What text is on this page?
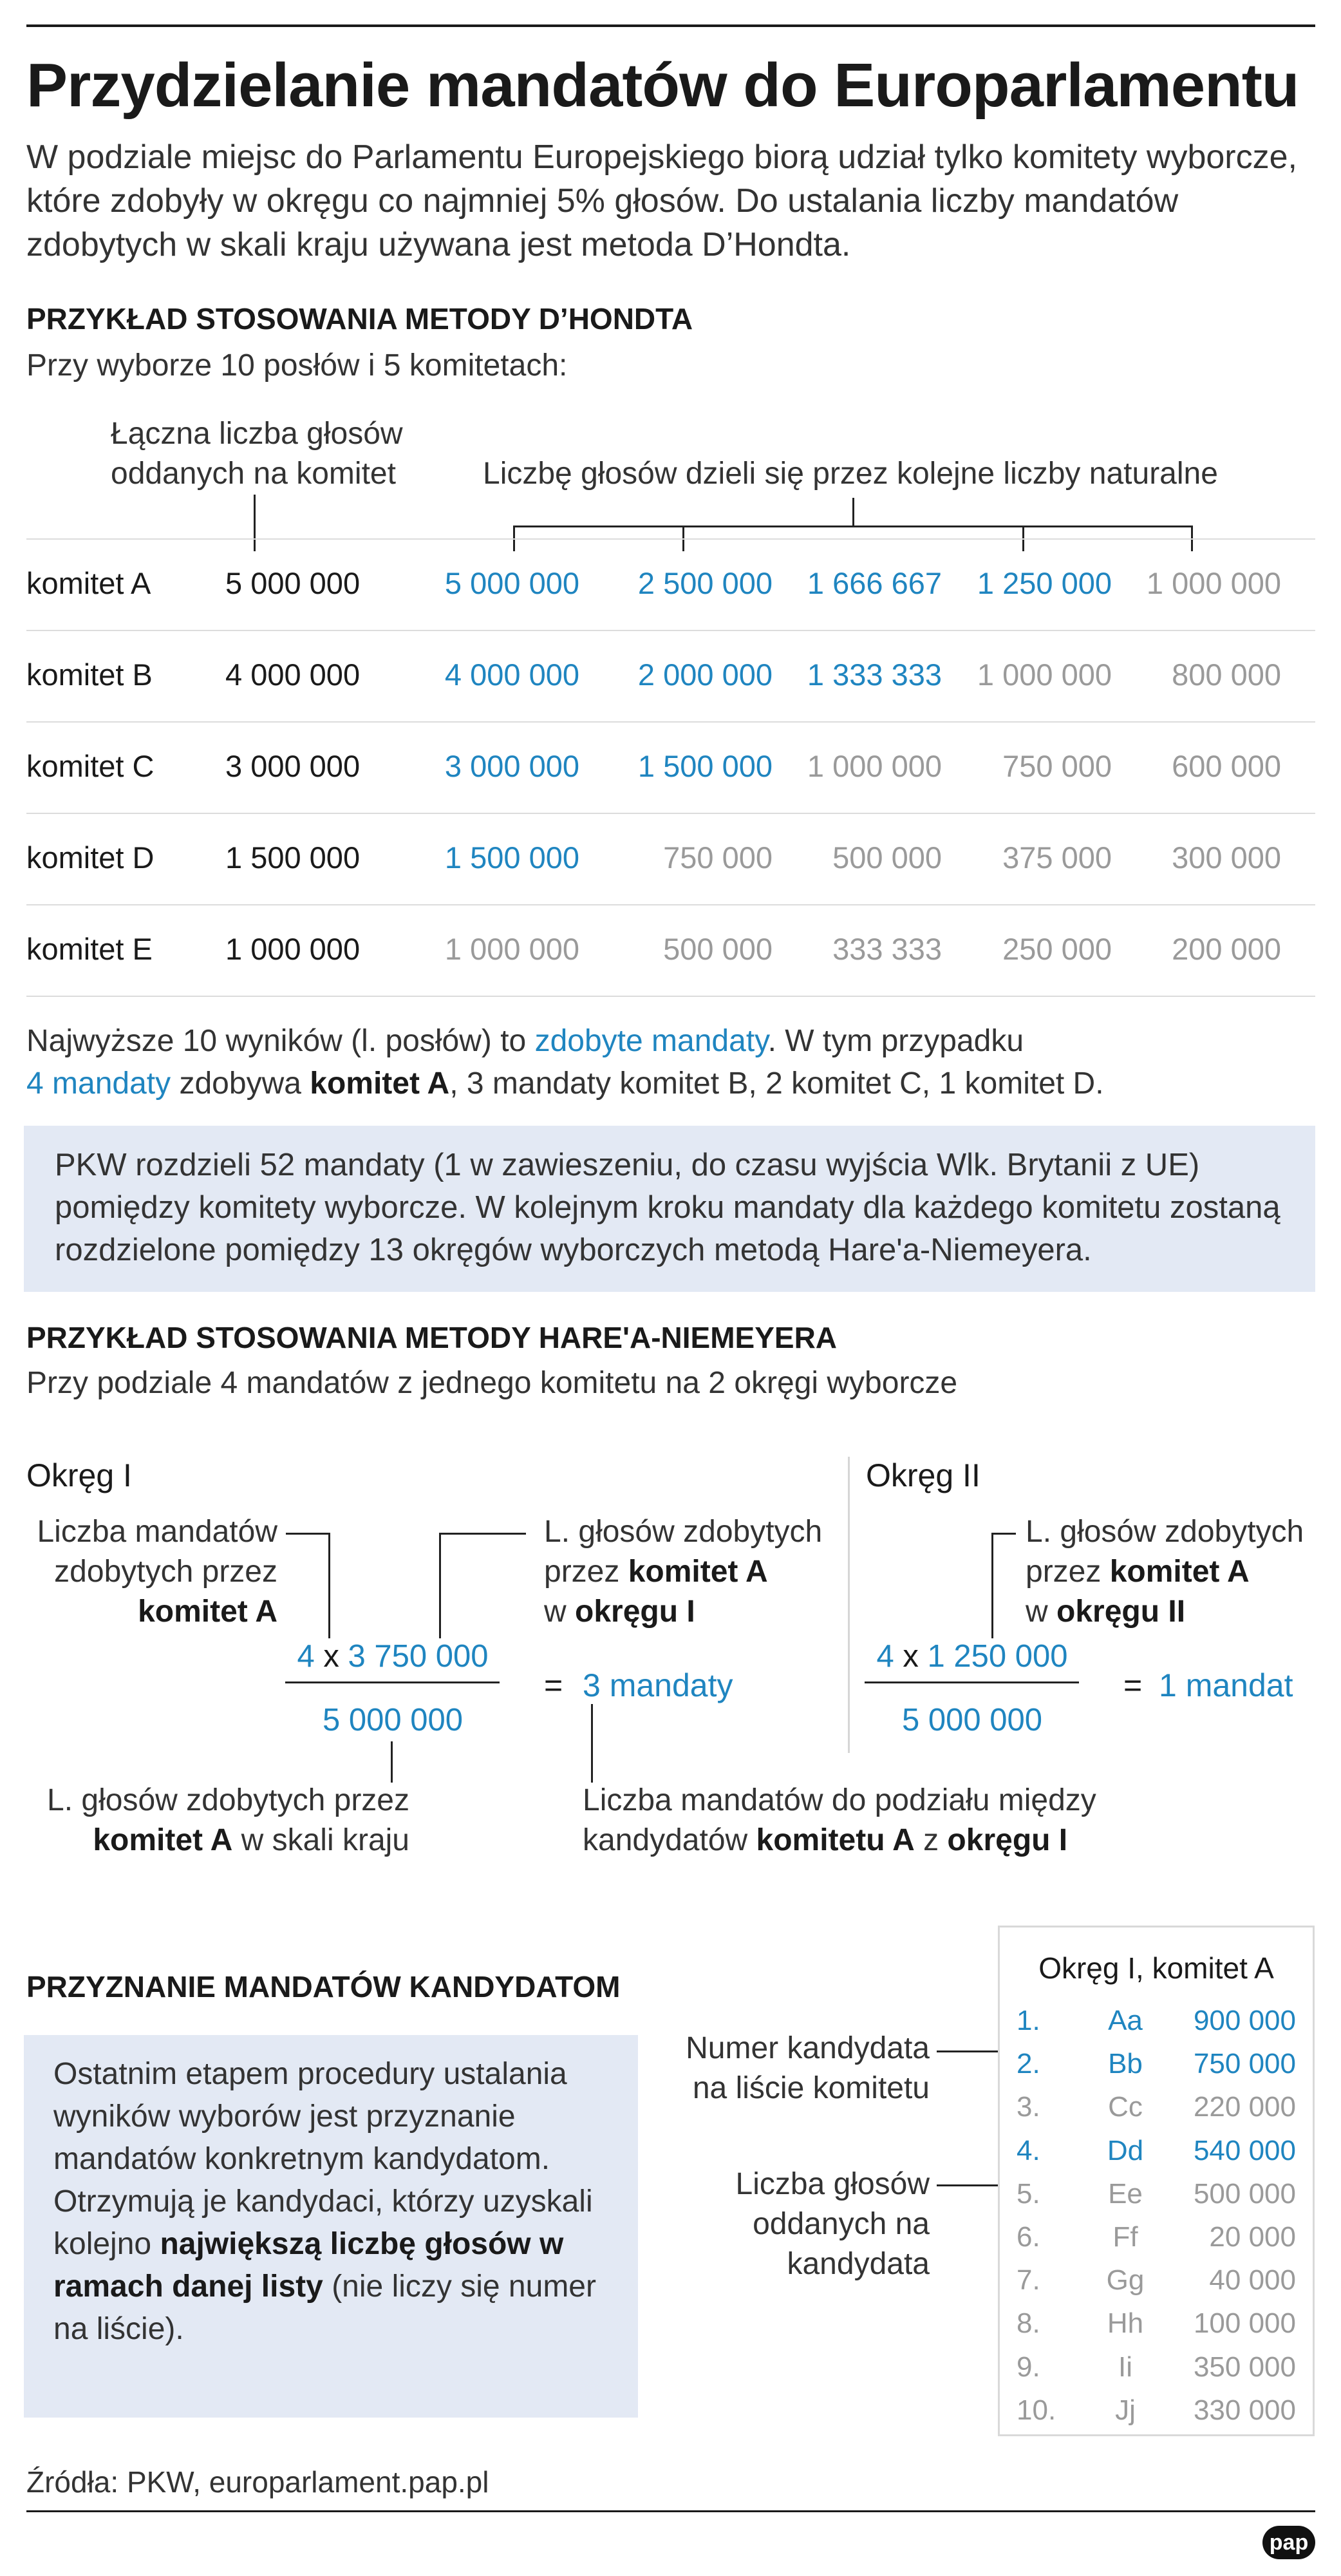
Przydzielanie mandatów do Europarlamentu
W podziale miejsc do Parlamentu Europejskiego biorą udział tylko komitety wyborcze, które zdobyły w okręgu co najmniej 5% głosów. Do ustalania liczby mandatów zdobytych w skali kraju używana jest metoda D’Hondta.
PRZYKŁAD STOSOWANIA METODY D’HONDTA
Przy wyborze 10 posłów i 5 komitetach:
Łączna liczba głosów
oddanych na komitet	Liczbę głosów dzieli się przez kolejne liczby naturalne
komitet A 5 000 000	5 000 000	2 500 000	1 666 667	1 250 000	1 000 000
komitet B 4 000 000	4 000 000	2 000 000	1 333 333	1 000 000	800 000
komitet C 3 000 000	3 000 000	1 500 000	1 000 000	750 000	600 000
komitet D 1 500 000	1 500 000	750 000	500 000	375 000	300 000
komitet E 1 000 000	1 000 000	500 000	333 333	250 000	200 000
Najwyższe 10 wyników (l. posłów) to zdobyte mandaty. W tym przypadku
4 mandaty zdobywa komitet A, 3 mandaty komitet B, 2 komitet C, 1 komitet D.
PKW rozdzieli 52 mandaty (1 w zawieszeniu, do czasu wyjścia Wlk. Brytanii z UE) pomiędzy komitety wyborcze. W kolejnym kroku mandaty dla każdego komitetu zostaną rozdzielone pomiędzy 13 okręgów wyborczych metodą Hare'a-Niemeyera.
PRZYKŁAD STOSOWANIA METODY HARE'A-NIEMEYERA
Przy podziale 4 mandatów z jednego komitetu na 2 okręgi wyborcze
Okręg I
Liczba mandatów
zdobytych przez
komitet A
L. głosów zdobytych
przez komitet A
w okręgu I
4 x 3 750 000
5 000 000
= 3 mandaty
L. głosów zdobytych przez
komitet A w skali kraju
Liczba mandatów do podziału między
kandydatów komitetu A z okręgu I
Okręg II
L. głosów zdobytych
przez komitet A
w okręgu II
4 x 1 250 000
5 000 000
= 1 mandat
PRZYZNANIE MANDATÓW KANDYDATOM
Ostatnim etapem procedury ustalania wyników wyborów jest przyznanie mandatów konkretnym kandydatom. Otrzymują je kandydaci, którzy uzyskali kolejno największą liczbę głosów w ramach danej listy (nie liczy się numer na liście).
Numer kandydata
na liście komitetu
Liczba głosów
oddanych na
kandydata
Okręg I, komitet A
1.	Aa	900 000
2.	Bb	750 000
3.	Cc	220 000
4.	Dd	540 000
5.	Ee	500 000
6.	Ff	20 000
7.	Gg	40 000
8.	Hh	100 000
9.	Ii	350 000
10.	Jj	330 000
Źródła: PKW, europarlament.pap.pl
pap
